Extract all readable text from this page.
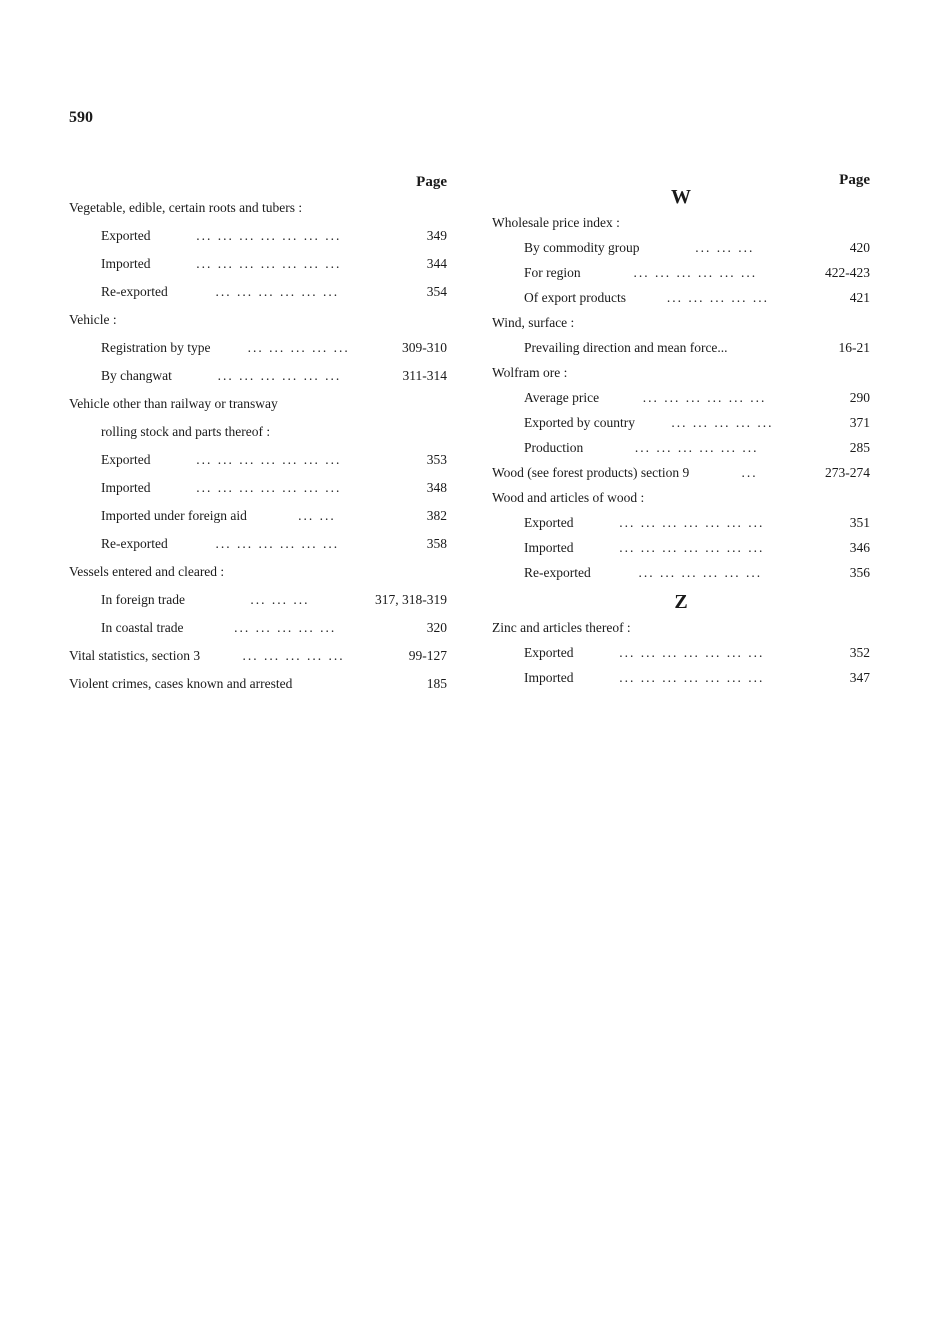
590
Page
Vegetable, edible, certain roots and tubers :
Exported	... ... ... ... ... ... ...	349
Imported	... ... ... ... ... ... ...	344
Re-exported	... ... ... ... ... ...	354
Vehicle :
Registration by type	... ... ... ... ...	309-310
By changwat	... ... ... ... ... ...	311-314
Vehicle other than railway or transway
rolling stock and parts thereof :
Exported	... ... ... ... ... ... ...	353
Imported	... ... ... ... ... ... ...	348
Imported under foreign aid	... ...	382
Re-exported	... ... ... ... ... ...	358
Vessels entered and cleared :
In foreign trade	... ... ...	317, 318-319
In coastal trade	... ... ... ... ...	320
Vital statistics, section 3	... ... ... ... ...	99-127
Violent crimes, cases known and arrested	185
Page
W
Wholesale price index :
By commodity group	... ... ...	420
For region	... ... ... ... ... ...	422-423
Of export products	... ... ... ... ...	421
Wind, surface :
Prevailing direction and mean force...	16-21
Wolfram ore :
Average price	... ... ... ... ... ...	290
Exported by country	... ... ... ... ...	371
Production	... ... ... ... ... ...	285
Wood (see forest products) section 9	...	273-274
Wood and articles of wood :
Exported	... ... ... ... ... ... ...	351
Imported	... ... ... ... ... ... ...	346
Re-exported	... ... ... ... ... ...	356
Z
Zinc and articles thereof :
Exported	... ... ... ... ... ... ...	352
Imported	... ... ... ... ... ... ...	347
